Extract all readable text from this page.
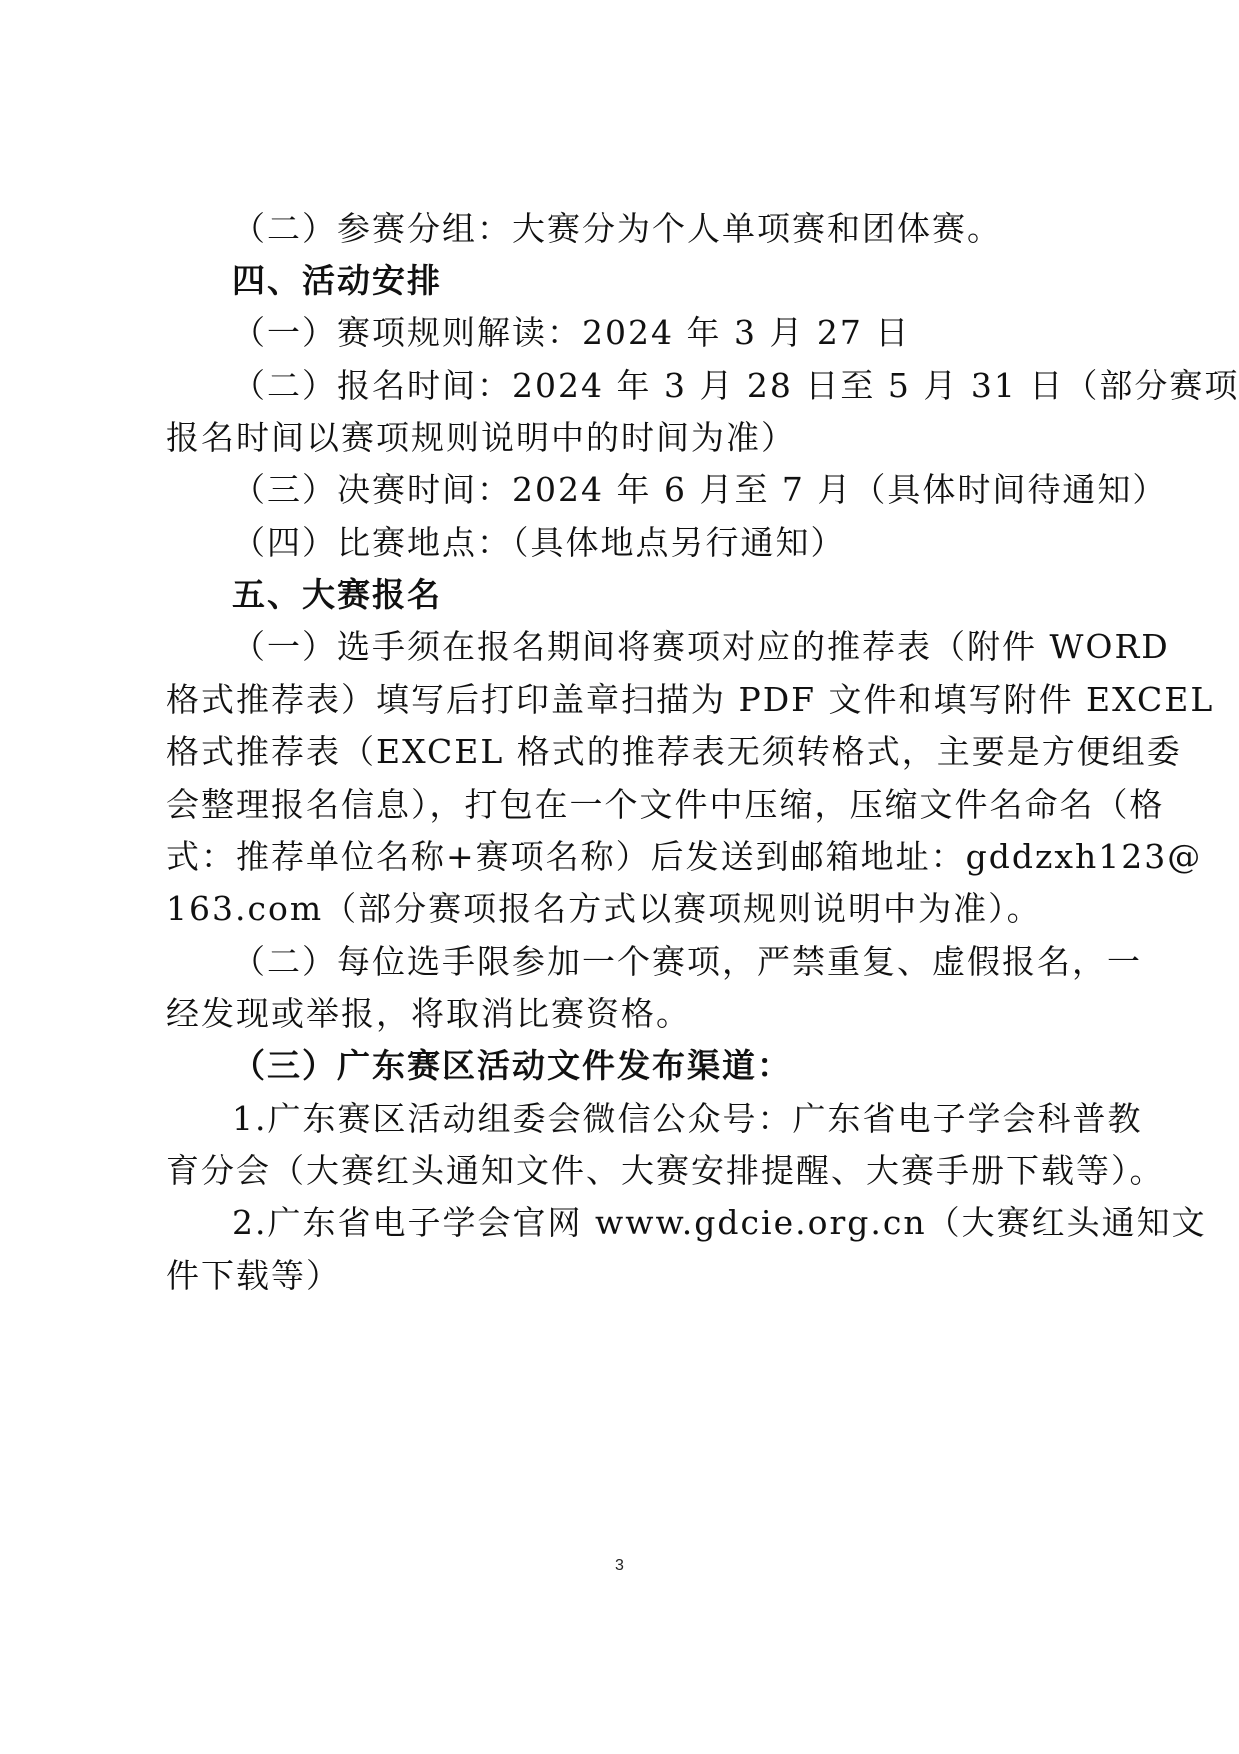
（二）参赛分组：大赛分为个人单项赛和团体赛。
四、活动安排
（一）赛项规则解读：2024 年 3 月 27 日
（二）报名时间：2024 年 3 月 28 日至 5 月 31 日（部分赛项
报名时间以赛项规则说明中的时间为准）
（三）决赛时间：2024 年 6 月至 7 月（具体时间待通知）
（四）比赛地点：（具体地点另行通知）
五、大赛报名
（一）选手须在报名期间将赛项对应的推荐表（附件 WORD
格式推荐表）填写后打印盖章扫描为 PDF 文件和填写附件 EXCEL
格式推荐表（EXCEL 格式的推荐表无须转格式，主要是方便组委
会整理报名信息），打包在一个文件中压缩，压缩文件名命名（格
式：推荐单位名称+赛项名称）后发送到邮箱地址：gddzxh123@
163.com（部分赛项报名方式以赛项规则说明中为准）。
（二）每位选手限参加一个赛项，严禁重复、虚假报名，一
经发现或举报，将取消比赛资格。
（三）广东赛区活动文件发布渠道：
1.广东赛区活动组委会微信公众号：广东省电子学会科普教
育分会（大赛红头通知文件、大赛安排提醒、大赛手册下载等）。
2.广东省电子学会官网 www.gdcie.org.cn（大赛红头通知文
件下载等）
3
